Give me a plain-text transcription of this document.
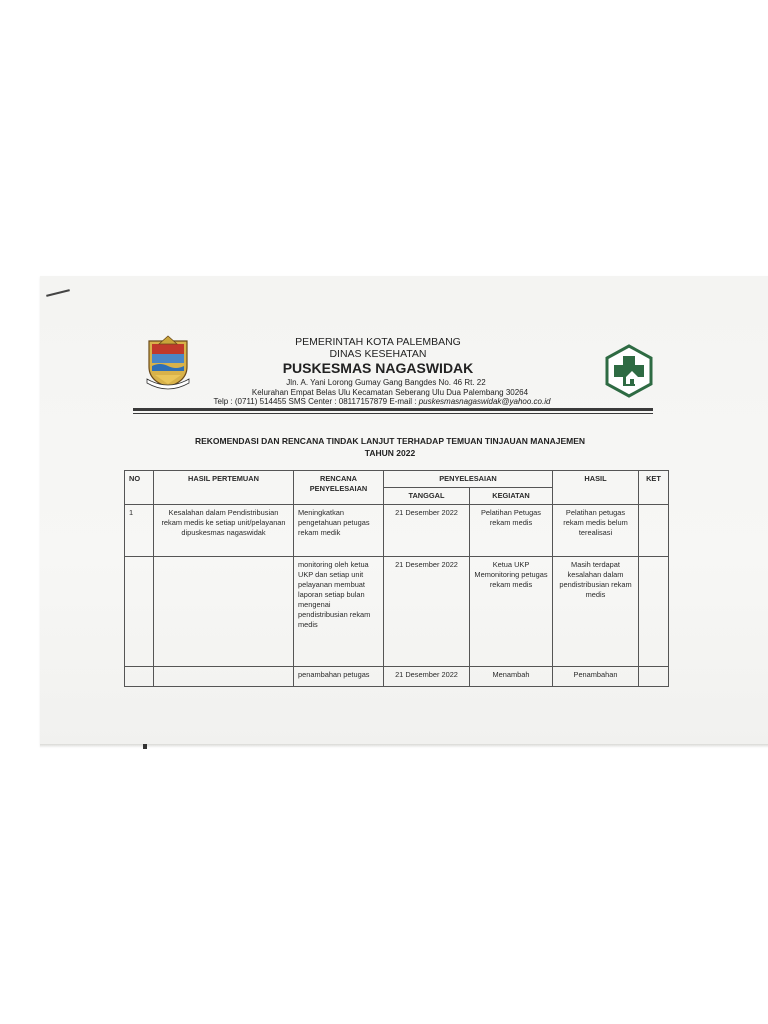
PEMERINTAH KOTA PALEMBANG
DINAS KESEHATAN
PUSKESMAS NAGASWIDAK
Jln. A. Yani Lorong Gumay Gang Bangdes No. 46 Rt. 22
Kelurahan Empat Belas Ulu Kecamatan Seberang Ulu Dua Palembang 30264
Telp : (0711) 514455 SMS Center : 08117157879 E-mail : puskesmasnagaswidak@yahoo.co.id
REKOMENDASI DAN RENCANA TINDAK LANJUT TERHADAP TEMUAN TINJAUAN MANAJEMEN
TAHUN 2022
NO	HASIL PERTEMUAN	RENCANA PENYELESAIAN	PENYELESAIAN		HASIL	KET
			TANGGAL	KEGIATAN		
1	Kesalahan dalam Pendistribusian rekam medis ke setiap unit/pelayanan dipuskesmas nagaswidak	Meningkatkan pengetahuan petugas rekam medik	21 Desember 2022	Pelatihan Petugas rekam medis	Pelatihan petugas rekam medis belum terealisasi	
		monitoring oleh ketua UKP dan setiap unit pelayanan membuat laporan setiap bulan mengenai pendistribusian rekam medis	21 Desember 2022	Ketua UKP Memonitoring petugas rekam medis	Masih terdapat kesalahan dalam pendistribusian rekam medis	
		penambahan petugas	21 Desember 2022	Menambah	Penambahan	
